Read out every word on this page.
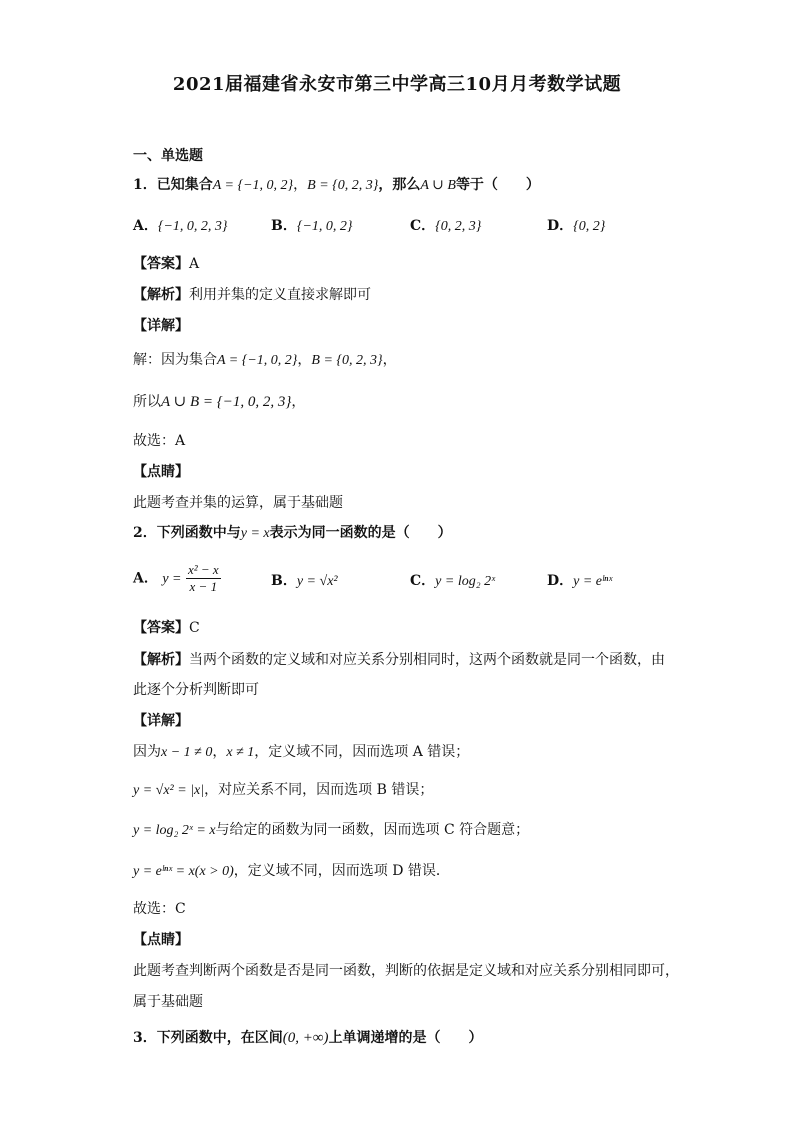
2021届福建省永安市第三中学高三10月月考数学试题
一、单选题
1．已知集合A = {−1, 0, 2}，B = {0, 2, 3}，那么A ∪ B等于（　　）
A．{−1, 0, 2, 3}	B．{−1, 0, 2}	C．{0, 2, 3}	D．{0, 2}
【答案】A
【解析】利用并集的定义直接求解即可
【详解】
解：因为集合A = {−1, 0, 2}，B = {0, 2, 3}，
所以A ∪ B = {−1, 0, 2, 3}，
故选：A
【点睛】
此题考查并集的运算，属于基础题
2．下列函数中与y = x表示为同一函数的是（　　）
A． $y = \frac{\text{x² − x}}{x - 1}$	B．y = √x²	C．y = log₂ 2ˣ	D．y = eˡⁿˣ
【答案】C
【解析】当两个函数的定义域和对应关系分别相同时，这两个函数就是同一个函数，由
此逐个分析判断即可
【详解】
因为x − 1 ≠ 0，x ≠ 1，定义域不同，因而选项 A 错误；
y = √x² = |x|，对应关系不同，因而选项 B 错误；
y = log₂ 2ˣ = x与给定的函数为同一函数，因而选项 C 符合题意；
y = eˡⁿˣ = x(x > 0)，定义域不同，因而选项 D 错误．
故选：C
【点睛】
此题考查判断两个函数是否是同一函数，判断的依据是定义域和对应关系分别相同即可，
属于基础题
3．下列函数中，在区间(0, +∞)上单调递增的是（　　）
